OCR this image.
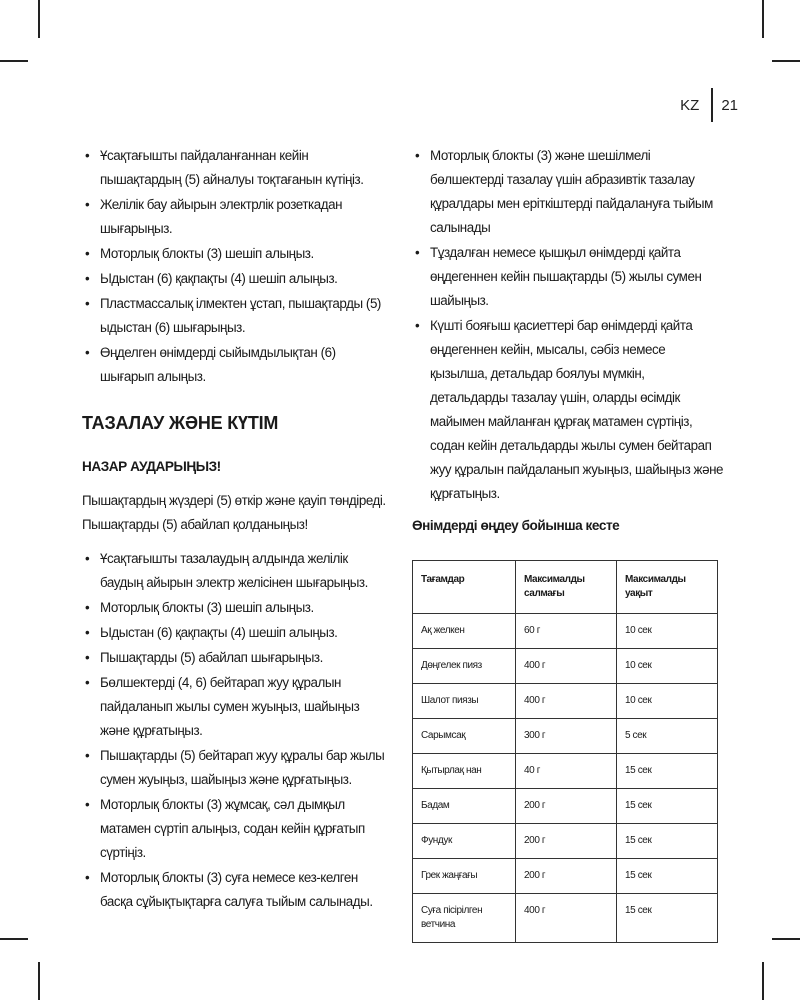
KZ 21
• Ұсақтағышты пайдаланғаннан кейін пышақтардың (5) айналуы тоқтағанын күтіңіз.
• Желілік бау айырын электрлік розеткадан шығарыңыз.
• Моторлық блокты (3) шешіп алыңыз.
• Ыдыстан (6) қақпақты (4) шешіп алыңыз.
• Пластмассалық ілмектен ұстап, пышақтарды (5) ыдыстан (6) шығарыңыз.
• Өңделген өнімдерді сыйымдылықтан (6) шығарып алыңыз.
ТАЗАЛАУ ЖӘНЕ КҮТІМ
НАЗАР АУДАРЫҢЫЗ!

Пышақтардың жүздері (5) өткір және қауіп төндіреді. Пышақтарды (5) абайлап қолданыңыз!

• Ұсақтағышты тазалаудың алдында желілік баудың айырын электр желісінен шығарыңыз.
• Моторлық блокты (3) шешіп алыңыз.
• Ыдыстан (6) қақпақты (4) шешіп алыңыз.
• Пышақтарды (5) абайлап шығарыңыз.
• Бөлшектерді (4, 6) бейтарап жуу құралын пайдаланып жылы сумен жуыңыз, шайыңыз және құрғатыңыз.
• Пышақтарды (5) бейтарап жуу құралы бар жылы сумен жуыңыз, шайыңыз және құрғатыңыз.
• Моторлық блокты (3) жұмсақ, сәл дымқыл матамен сүртіп алыңыз, содан кейін құрғатып сүртіңіз.
• Моторлық блокты (3) суға немесе кез-келген басқа сұйықтықтарға салуға тыйым салынады.
• Моторлық блокты (3) және шешілмелі бөлшектерді тазалау үшін абразивтік тазалау құралдары мен еріткіштерді пайдалануға тыйым салынады
• Тұздалған немесе қышқыл өнімдерді қайта өңдегеннен кейін пышақтарды (5) жылы сумен шайыңыз.
• Күшті бояғыш қасиеттері бар өнімдерді қайта өңдегеннен кейін, мысалы, сәбіз немесе қызылша, детальдар боялуы мүмкін, детальдарды тазалау үшін, оларды өсімдік майымен майланған құрғақ матамен сүртіңіз, содан кейін детальдарды жылы сумен бейтарап жуу құралын пайдаланып жуыңыз, шайыңыз және құрғатыңыз.
Өнімдерді өңдеу бойынша кесте
Тағамдар	Максималды салмағы	Максималды уақыт
Ақ желкен	60 г	10 сек
Дөңгелек пияз	400 г	10 сек
Шалот пиязы	400 г	10 сек
Сарымсақ	300 г	5 сек
Қытырлақ нан	40 г	15 сек
Бадам	200 г	15 сек
Фундук	200 г	15 сек
Грек жаңғағы	200 г	15 сек
Суға пісірілген ветчина	400 г	15 сек
